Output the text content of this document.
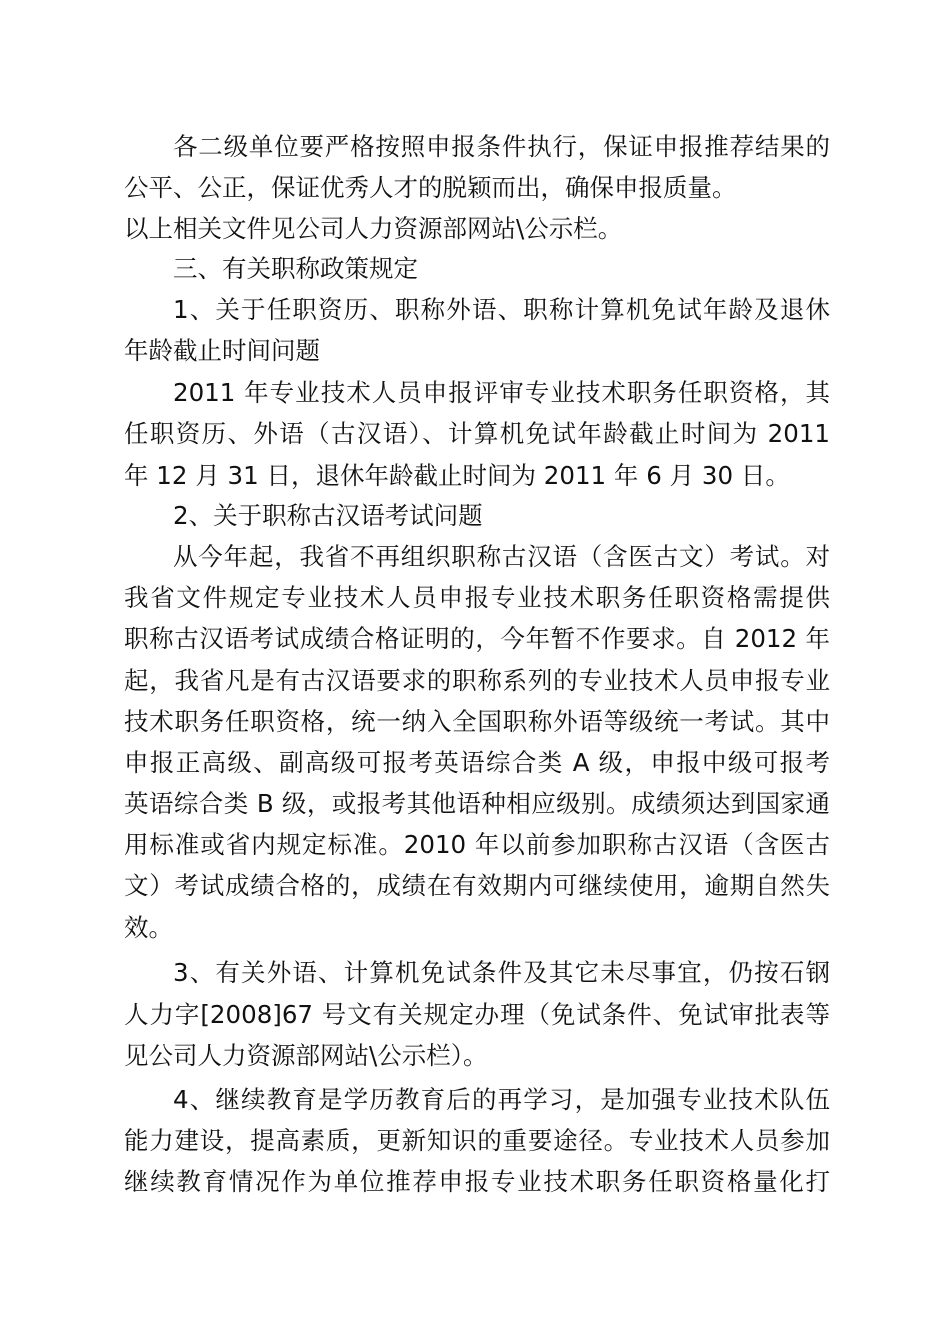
各二级单位要严格按照申报条件执行，保证申报推荐结果的
公平、公正，保证优秀人才的脱颖而出，确保申报质量。
以上相关文件见公司人力资源部网站\公示栏。
三、有关职称政策规定
1、关于任职资历、职称外语、职称计算机免试年龄及退休
年龄截止时间问题
2011 年专业技术人员申报评审专业技术职务任职资格，其
任职资历、外语（古汉语）、计算机免试年龄截止时间为 2011
年 12 月 31 日，退休年龄截止时间为 2011 年 6 月 30 日。
2、关于职称古汉语考试问题
从今年起，我省不再组织职称古汉语（含医古文）考试。对
我省文件规定专业技术人员申报专业技术职务任职资格需提供
职称古汉语考试成绩合格证明的，今年暂不作要求。自 2012 年
起，我省凡是有古汉语要求的职称系列的专业技术人员申报专业
技术职务任职资格，统一纳入全国职称外语等级统一考试。其中
申报正高级、副高级可报考英语综合类 A 级，申报中级可报考
英语综合类 B 级，或报考其他语种相应级别。成绩须达到国家通
用标准或省内规定标准。2010 年以前参加职称古汉语（含医古
文）考试成绩合格的，成绩在有效期内可继续使用，逾期自然失
效。
3、有关外语、计算机免试条件及其它未尽事宜，仍按石钢
人力字[2008]67 号文有关规定办理（免试条件、免试审批表等
见公司人力资源部网站\公示栏）。
4、继续教育是学历教育后的再学习，是加强专业技术队伍
能力建设，提高素质，更新知识的重要途径。专业技术人员参加
继续教育情况作为单位推荐申报专业技术职务任职资格量化打
